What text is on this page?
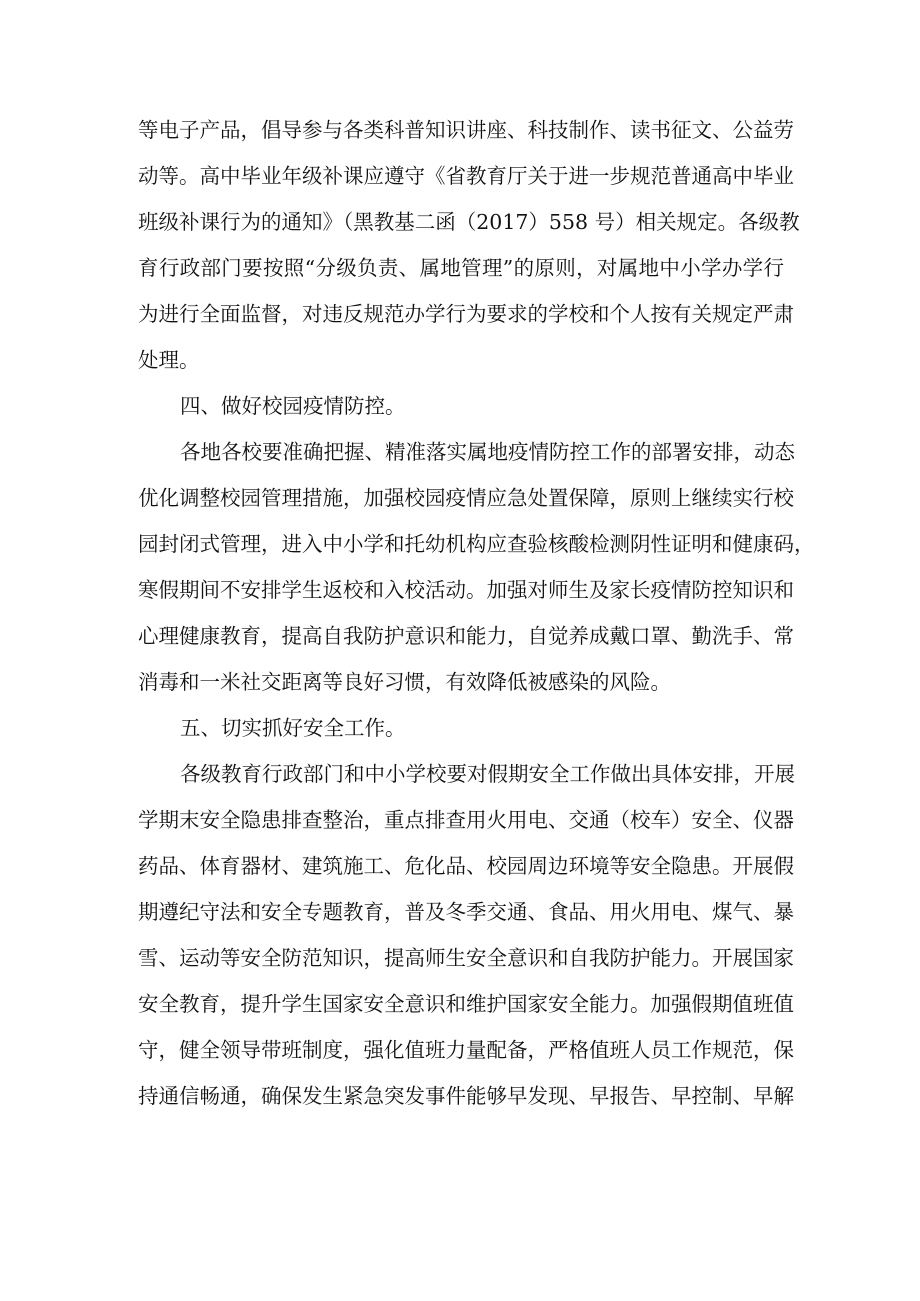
等电子产品，倡导参与各类科普知识讲座、科技制作、读书征文、公益劳
动等。高中毕业年级补课应遵守《省教育厅关于进一步规范普通高中毕业
班级补课行为的通知》（黑教基二函（2017）558 号）相关规定。各级教
育行政部门要按照“分级负责、属地管理”的原则，对属地中小学办学行
为进行全面监督，对违反规范办学行为要求的学校和个人按有关规定严肃
处理。
四、做好校园疫情防控。
各地各校要准确把握、精准落实属地疫情防控工作的部署安排，动态
优化调整校园管理措施，加强校园疫情应急处置保障，原则上继续实行校
园封闭式管理，进入中小学和托幼机构应查验核酸检测阴性证明和健康码，
寒假期间不安排学生返校和入校活动。加强对师生及家长疫情防控知识和
心理健康教育，提高自我防护意识和能力，自觉养成戴口罩、勤洗手、常
消毒和一米社交距离等良好习惯，有效降低被感染的风险。
五、切实抓好安全工作。
各级教育行政部门和中小学校要对假期安全工作做出具体安排，开展
学期末安全隐患排查整治，重点排查用火用电、交通（校车）安全、仪器
药品、体育器材、建筑施工、危化品、校园周边环境等安全隐患。开展假
期遵纪守法和安全专题教育，普及冬季交通、食品、用火用电、煤气、暴
雪、运动等安全防范知识，提高师生安全意识和自我防护能力。开展国家
安全教育，提升学生国家安全意识和维护国家安全能力。加强假期值班值
守，健全领导带班制度，强化值班力量配备，严格值班人员工作规范，保
持通信畅通，确保发生紧急突发事件能够早发现、早报告、早控制、早解
